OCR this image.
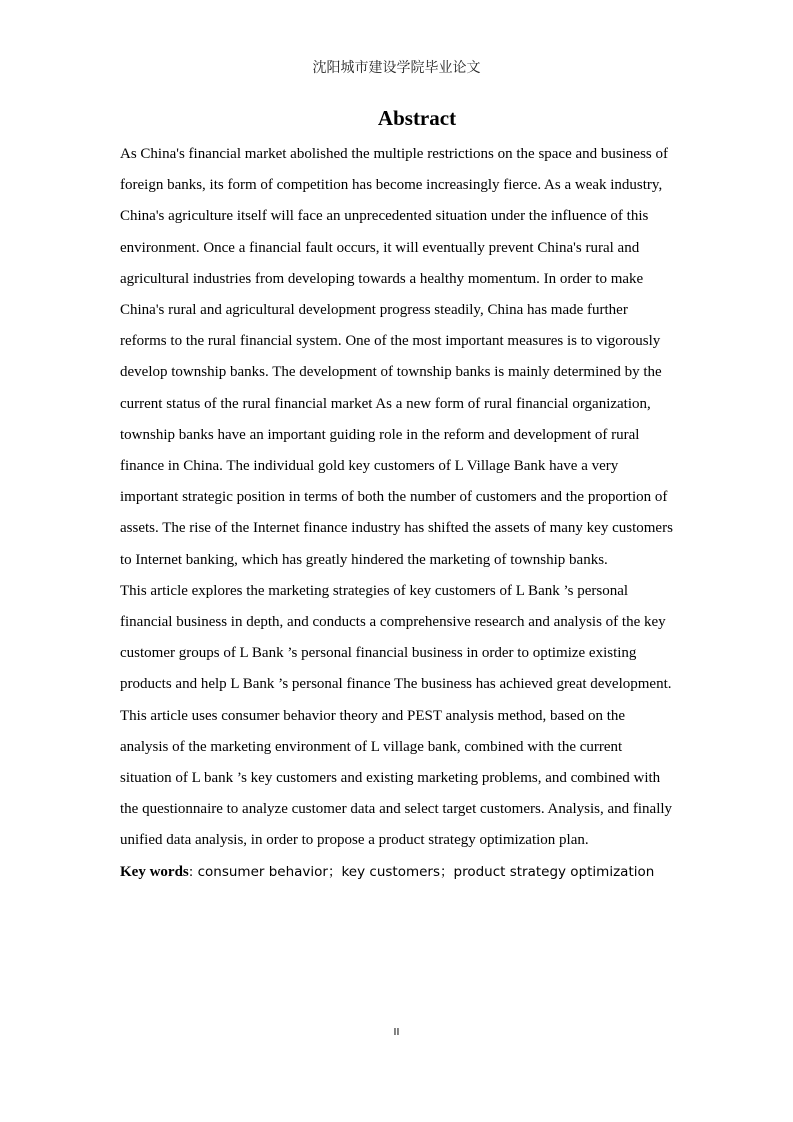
沈阳城市建设学院毕业论文
Abstract

As China's financial market abolished the multiple restrictions on the space and business of foreign banks, its form of competition has become increasingly fierce. As a weak industry, China's agriculture itself will face an unprecedented situation under the influence of this environment. Once a financial fault occurs, it will eventually prevent China's rural and agricultural industries from developing towards a healthy momentum. In order to make China's rural and agricultural development progress steadily, China has made further reforms to the rural financial system. One of the most important measures is to vigorously develop township banks. The development of township banks is mainly determined by the current status of the rural financial market As a new form of rural financial organization, township banks have an important guiding role in the reform and development of rural finance in China. The individual gold key customers of L Village Bank have a very important strategic position in terms of both the number of customers and the proportion of assets. The rise of the Internet finance industry has shifted the assets of many key customers to Internet banking, which has greatly hindered the marketing of township banks.

This article explores the marketing strategies of key customers of L Bank ’s personal financial business in depth, and conducts a comprehensive research and analysis of the key customer groups of L Bank ’s personal financial business in order to optimize existing products and help L Bank ’s personal finance The business has achieved great development.

This article uses consumer behavior theory and PEST analysis method, based on the analysis of the marketing environment of L village bank, combined with the current situation of L bank ’s key customers and existing marketing problems, and combined with the questionnaire to analyze customer data and select target customers. Analysis, and finally unified data analysis, in order to propose a product strategy optimization plan.

Key words: consumer behavior；key customers；product strategy optimization

II
